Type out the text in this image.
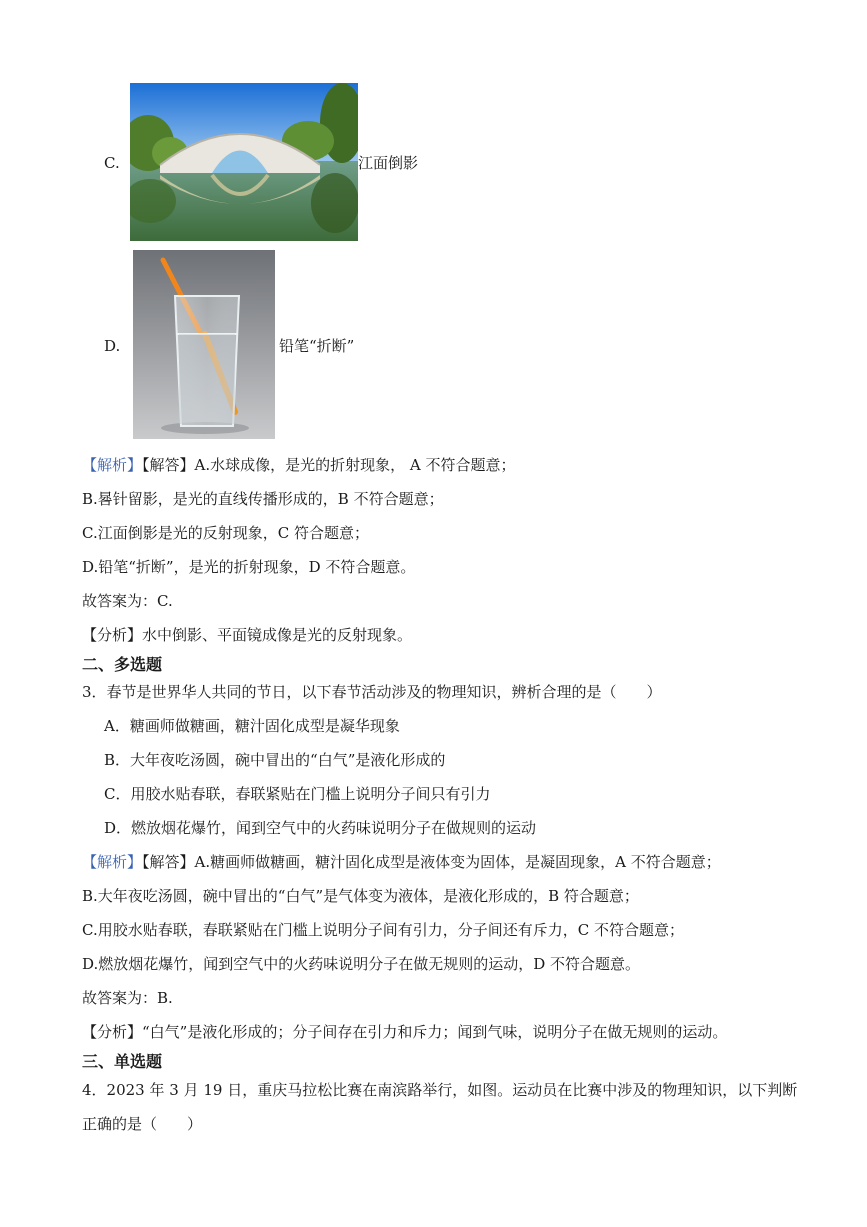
C.	江面倒影
D.	铅笔“折断”
【解析】【解答】A.水球成像，是光的折射现象， A 不符合题意；
B.晷针留影，是光的直线传播形成的，B 不符合题意；
C.江面倒影是光的反射现象，C 符合题意；
D.铅笔“折断”，是光的折射现象，D 不符合题意。
故答案为：C.
【分析】水中倒影、平面镜成像是光的反射现象。
二、多选题
3．春节是世界华人共同的节日，以下春节活动涉及的物理知识，辨析合理的是（　　）
A．糖画师做糖画，糖汁固化成型是凝华现象
B．大年夜吃汤圆，碗中冒出的“白气”是液化形成的
C．用胶水贴春联，春联紧贴在门槛上说明分子间只有引力
D．燃放烟花爆竹，闻到空气中的火药味说明分子在做规则的运动
【解析】【解答】A.糖画师做糖画，糖汁固化成型是液体变为固体，是凝固现象，A 不符合题意；
B.大年夜吃汤圆，碗中冒出的“白气”是气体变为液体，是液化形成的，B 符合题意；
C.用胶水贴春联，春联紧贴在门槛上说明分子间有引力，分子间还有斥力，C 不符合题意；
D.燃放烟花爆竹，闻到空气中的火药味说明分子在做无规则的运动，D 不符合题意。
故答案为：B.
【分析】“白气”是液化形成的；分子间存在引力和斥力；闻到气味，说明分子在做无规则的运动。
三、单选题
4．2023 年 3 月 19 日，重庆马拉松比赛在南滨路举行，如图。运动员在比赛中涉及的物理知识，以下判断
正确的是（　　）
